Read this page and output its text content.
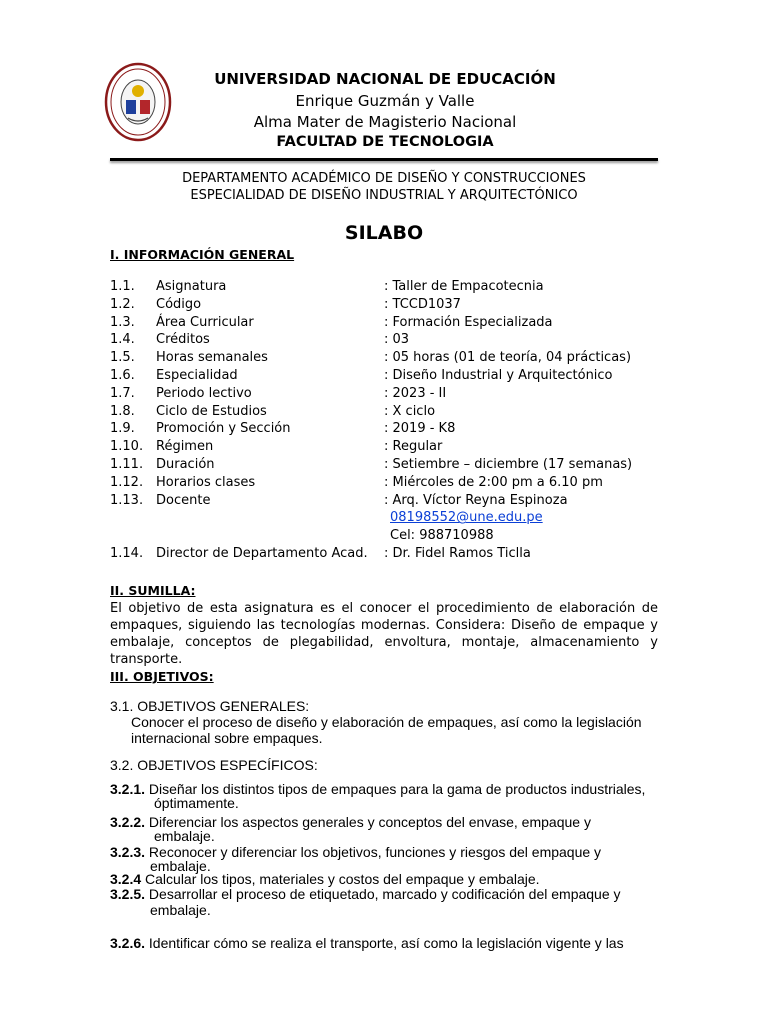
UNIVERSIDAD NACIONAL DE EDUCACIÓN
Enrique Guzmán y Valle
Alma Mater de Magisterio Nacional
FACULTAD DE TECNOLOGIA
DEPARTAMENTO ACADÉMICO DE DISEÑO Y CONSTRUCCIONES
ESPECIALIDAD DE DISEÑO INDUSTRIAL Y ARQUITECTÓNICO
SILABO
I. INFORMACIÓN GENERAL
1.1. Asignatura	: Taller de Empacotecnia
1.2. Código	: TCCD1037
1.3. Área Curricular	: Formación Especializada
1.4. Créditos	: 03
1.5. Horas semanales	: 05 horas (01 de teoría, 04 prácticas)
1.6. Especialidad	: Diseño Industrial y Arquitectónico
1.7. Periodo lectivo	: 2023 - II
1.8. Ciclo de Estudios	: X ciclo
1.9. Promoción y Sección	: 2019 - K8
1.10. Régimen	: Regular
1.11. Duración	: Setiembre – diciembre (17 semanas)
1.12. Horarios clases	: Miércoles de 2:00 pm a 6.10 pm
1.13. Docente	: Arq. Víctor Reyna Espinoza
08198552@une.edu.pe
Cel: 988710988
1.14. Director de Departamento Acad. : Dr. Fidel Ramos Ticlla
II. SUMILLA:
El objetivo de esta asignatura es el conocer el procedimiento de elaboración de empaques, siguiendo las tecnologías modernas. Considera: Diseño de empaque y embalaje, conceptos de plegabilidad, envoltura, montaje, almacenamiento y transporte.
III. OBJETIVOS:
3.1. OBJETIVOS GENERALES:
Conocer el proceso de diseño y elaboración de empaques, así como la legislación internacional sobre empaques.
3.2. OBJETIVOS ESPECÍFICOS:
3.2.1. Diseñar los distintos tipos de empaques para la gama de productos industriales,
óptimamente.
3.2.2. Diferenciar los aspectos generales y conceptos del envase, empaque y
embalaje.
3.2.3. Reconocer y diferenciar los objetivos, funciones y riesgos del empaque y
embalaje.
3.2.4 Calcular los tipos, materiales y costos del empaque y embalaje.
3.2.5. Desarrollar el proceso de etiquetado, marcado y codificación del empaque y
embalaje.
3.2.6. Identificar cómo se realiza el transporte, así como la legislación vigente y las
